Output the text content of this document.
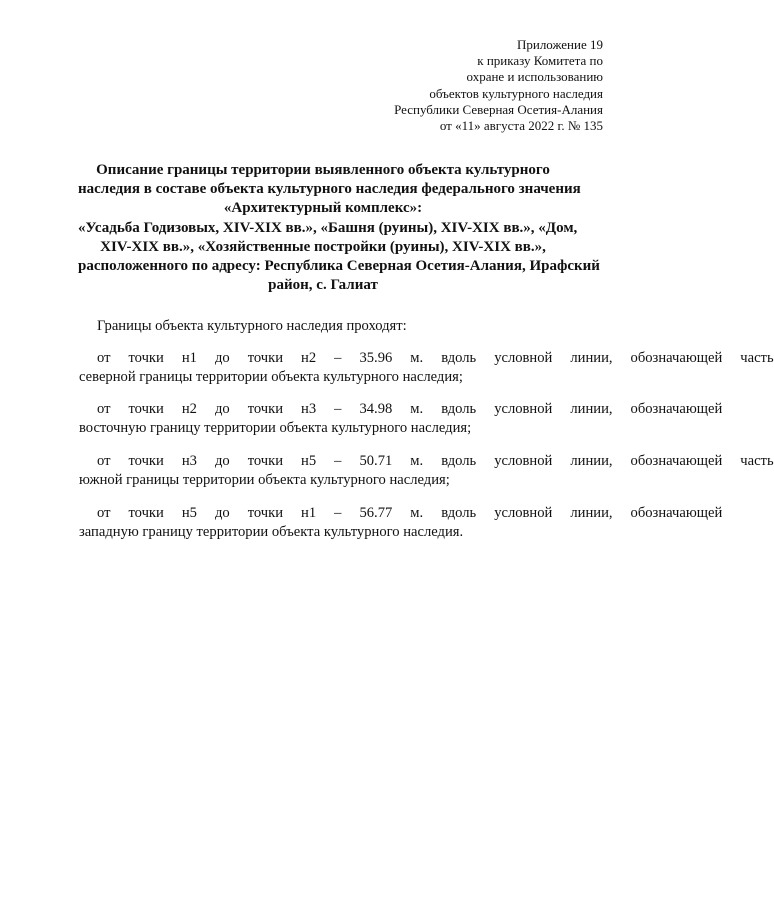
Приложение 19
к приказу Комитета по
охране и использованию
объектов культурного наследия
Республики Северная Осетия-Алания
от «11» августа 2022 г. № 135
Описание границы территории выявленного объекта культурного
наследия в составе объекта культурного наследия федерального значения
«Архитектурный комплекс»:
«Усадьба Годизовых, XIV-XIX вв.», «Башня (руины), XIV-XIX вв.», «Дом,
XIV-XIX вв.», «Хозяйственные постройки (руины), XIV-XIX вв.»,
расположенного по адресу: Республика Северная Осетия-Алания, Ирафский
район, с. Галиат
Границы объекта культурного наследия проходят:
от	точки	н1	до	точки	н2	–	35.96	м.	вдоль	условной	линии,	обозначающей	часть
северной границы территории объекта культурного наследия;
от	точки	н2	до	точки	н3	–	34.98	м.	вдоль	условной	линии,	обозначающей
восточную границу территории объекта культурного наследия;
от	точки	н3	до	точки	н5	–	50.71	м.	вдоль	условной	линии,	обозначающей	часть
южной границы территории объекта культурного наследия;
от	точки	н5	до	точки	н1	–	56.77	м.	вдоль	условной	линии,	обозначающей
западную границу территории объекта культурного наследия.
